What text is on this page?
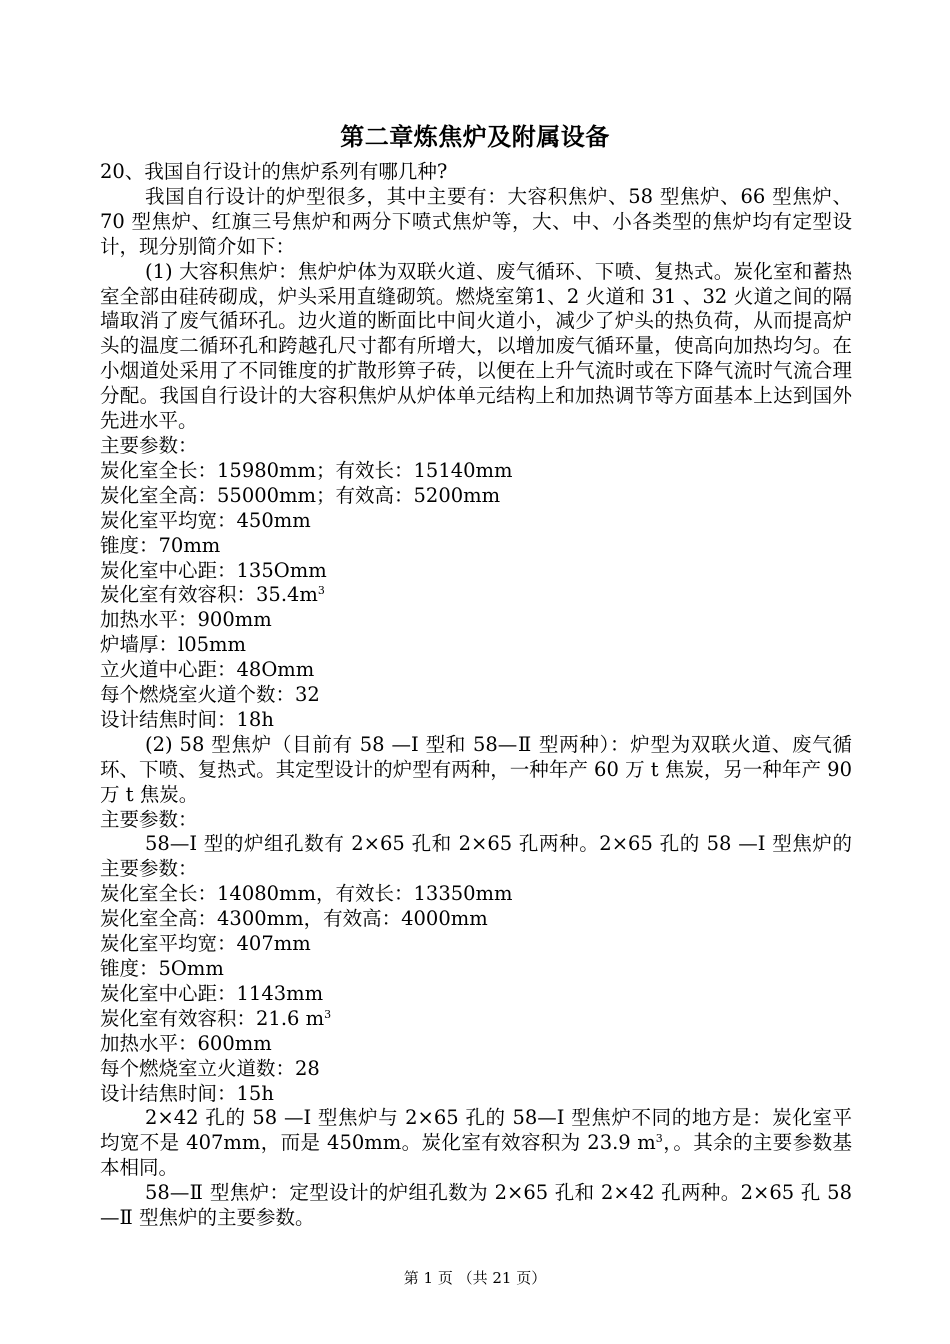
第二章炼焦炉及附属设备

20、我国自行设计的焦炉系列有哪几种?

我国自行设计的炉型很多，其中主要有：大容积焦炉、58 型焦炉、66 型焦炉、70 型焦炉、红旗三号焦炉和两分下喷式焦炉等，大、中、小各类型的焦炉均有定型设计，现分别简介如下：

(1) 大容积焦炉：焦炉炉体为双联火道、废气循环、下喷、复热式。炭化室和蓄热室全部由硅砖砌成，炉头采用直缝砌筑。燃烧室第1、2 火道和 31 、32 火道之间的隔墙取消了废气循环孔。边火道的断面比中间火道小，减少了炉头的热负荷，从而提高炉头的温度二循环孔和跨越孔尺寸都有所增大，以增加废气循环量，使高向加热均匀。在小烟道处采用了不同锥度的扩散形箅子砖，以便在上升气流时或在下降气流时气流合理分配。我国自行设计的大容积焦炉从炉体单元结构上和加热调节等方面基本上达到国外先进水平。

主要参数：

炭化室全长：15980mm；有效长：15140mm

炭化室全高：55000mm；有效高：5200mm

炭化室平均宽：450mm

锥度：70mm

炭化室中心距：135Omm

炭化室有效容积：$35.4m^3$

加热水平：900mm

炉墙厚：l05mm

立火道中心距：48Omm

每个燃烧室火道个数：32

设计结焦时间：18h

(2) 58 型焦炉（目前有 58 —I 型和 58—Ⅱ 型两种）：炉型为双联火道、废气循环、下喷、复热式。其定型设计的炉型有两种，一种年产 60 万 t 焦炭，另一种年产 90 万 t 焦炭。

主要参数：

58—I 型的炉组孔数有 2×65 孔和 2×65 孔两种。2×65 孔的 58 —I 型焦炉的主要参数：

炭化室全长：14080mm，有效长：13350mm

炭化室全高：4300mm，有效高：4000mm

炭化室平均宽：407mm

锥度：5Omm

炭化室中心距：1143mm

炭化室有效容积：21.6 $m^3$

加热水平：600mm

每个燃烧室立火道数：28

设计结焦时间：15h

2×42 孔的 58 —I 型焦炉与 2×65 孔的 58—I 型焦炉不同的地方是：炭化室平均宽不是 407mm，而是 450mm。炭化室有效容积为 23.9 $m^3$，。其余的主要参数基本相同。

58—Ⅱ 型焦炉：定型设计的炉组孔数为 2×65 孔和 2×42 孔两种。2×65 孔 58—Ⅱ 型焦炉的主要参数。

第 1 页 （共 21 页）
